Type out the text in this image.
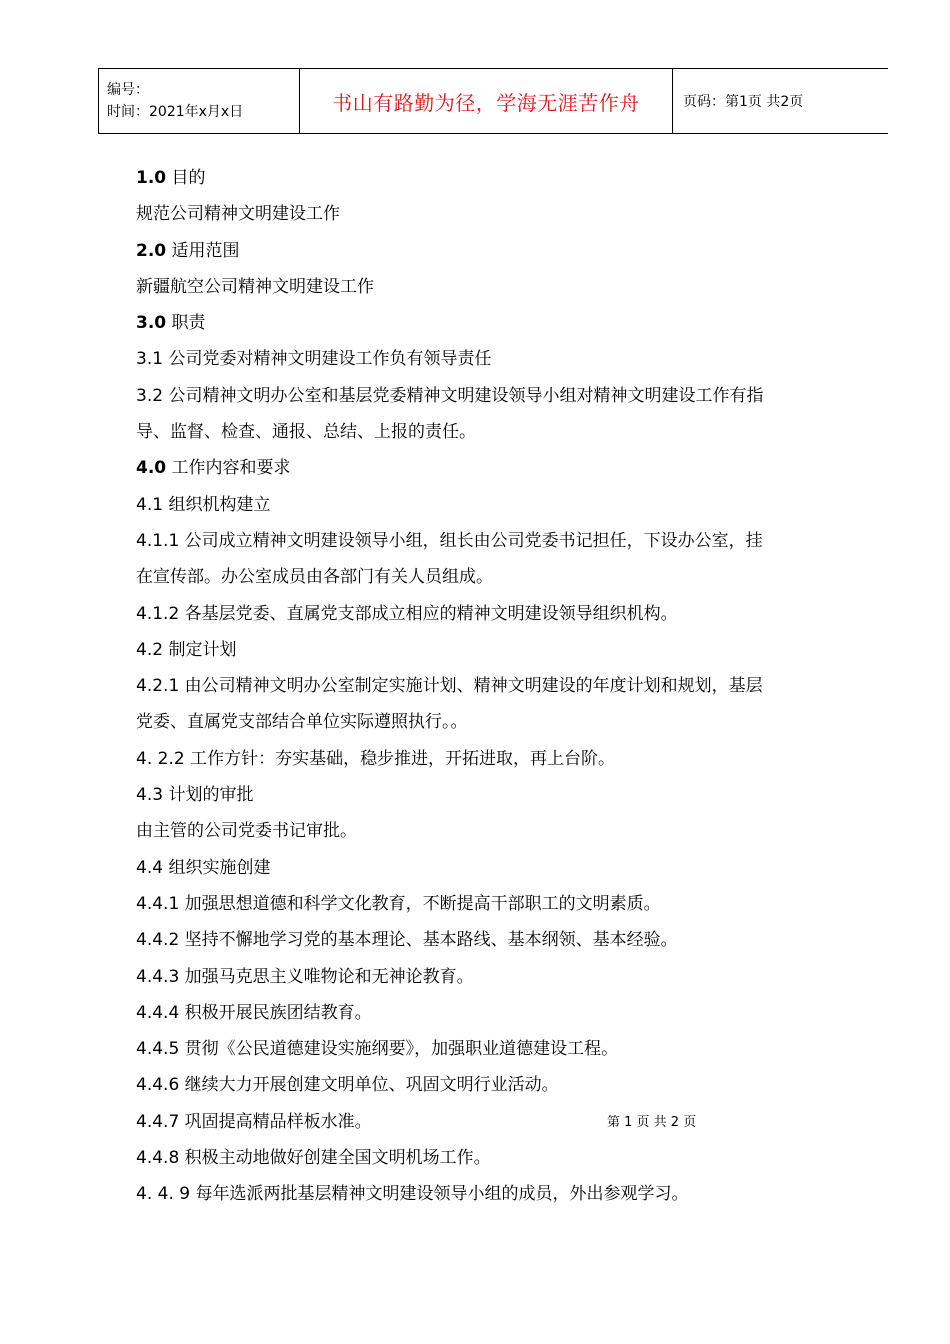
编号：
时间：2021年x月x日	书山有路勤为径，学海无涯苦作舟	页码：第1页 共2页
1.0 目的
规范公司精神文明建设工作
2.0 适用范围
新疆航空公司精神文明建设工作
3.0 职责
3.1 公司党委对精神文明建设工作负有领导责任
3.2 公司精神文明办公室和基层党委精神文明建设领导小组对精神文明建设工作有指
导、监督、检查、通报、总结、上报的责任。
4.0 工作内容和要求
4.1 组织机构建立
4.1.1 公司成立精神文明建设领导小组，组长由公司党委书记担任，下设办公室，挂
在宣传部。办公室成员由各部门有关人员组成。
4.1.2 各基层党委、直属党支部成立相应的精神文明建设领导组织机构。
4.2 制定计划
4.2.1 由公司精神文明办公室制定实施计划、精神文明建设的年度计划和规划，基层
党委、直属党支部结合单位实际遵照执行。。
4. 2.2 工作方针：夯实基础，稳步推进，开拓进取，再上台阶。
4.3 计划的审批
由主管的公司党委书记审批。
4.4 组织实施创建
4.4.1 加强思想道德和科学文化教育，不断提高干部职工的文明素质。
4.4.2 坚持不懈地学习党的基本理论、基本路线、基本纲领、基本经验。
4.4.3 加强马克思主义唯物论和无神论教育。
4.4.4 积极开展民族团结教育。
4.4.5 贯彻《公民道德建设实施纲要》，加强职业道德建设工程。
4.4.6 继续大力开展创建文明单位、巩固文明行业活动。
4.4.7 巩固提高精品样板水准。
4.4.8 积极主动地做好创建全国文明机场工作。
4. 4. 9 每年选派两批基层精神文明建设领导小组的成员，外出参观学习。
第 1 页 共 2 页
